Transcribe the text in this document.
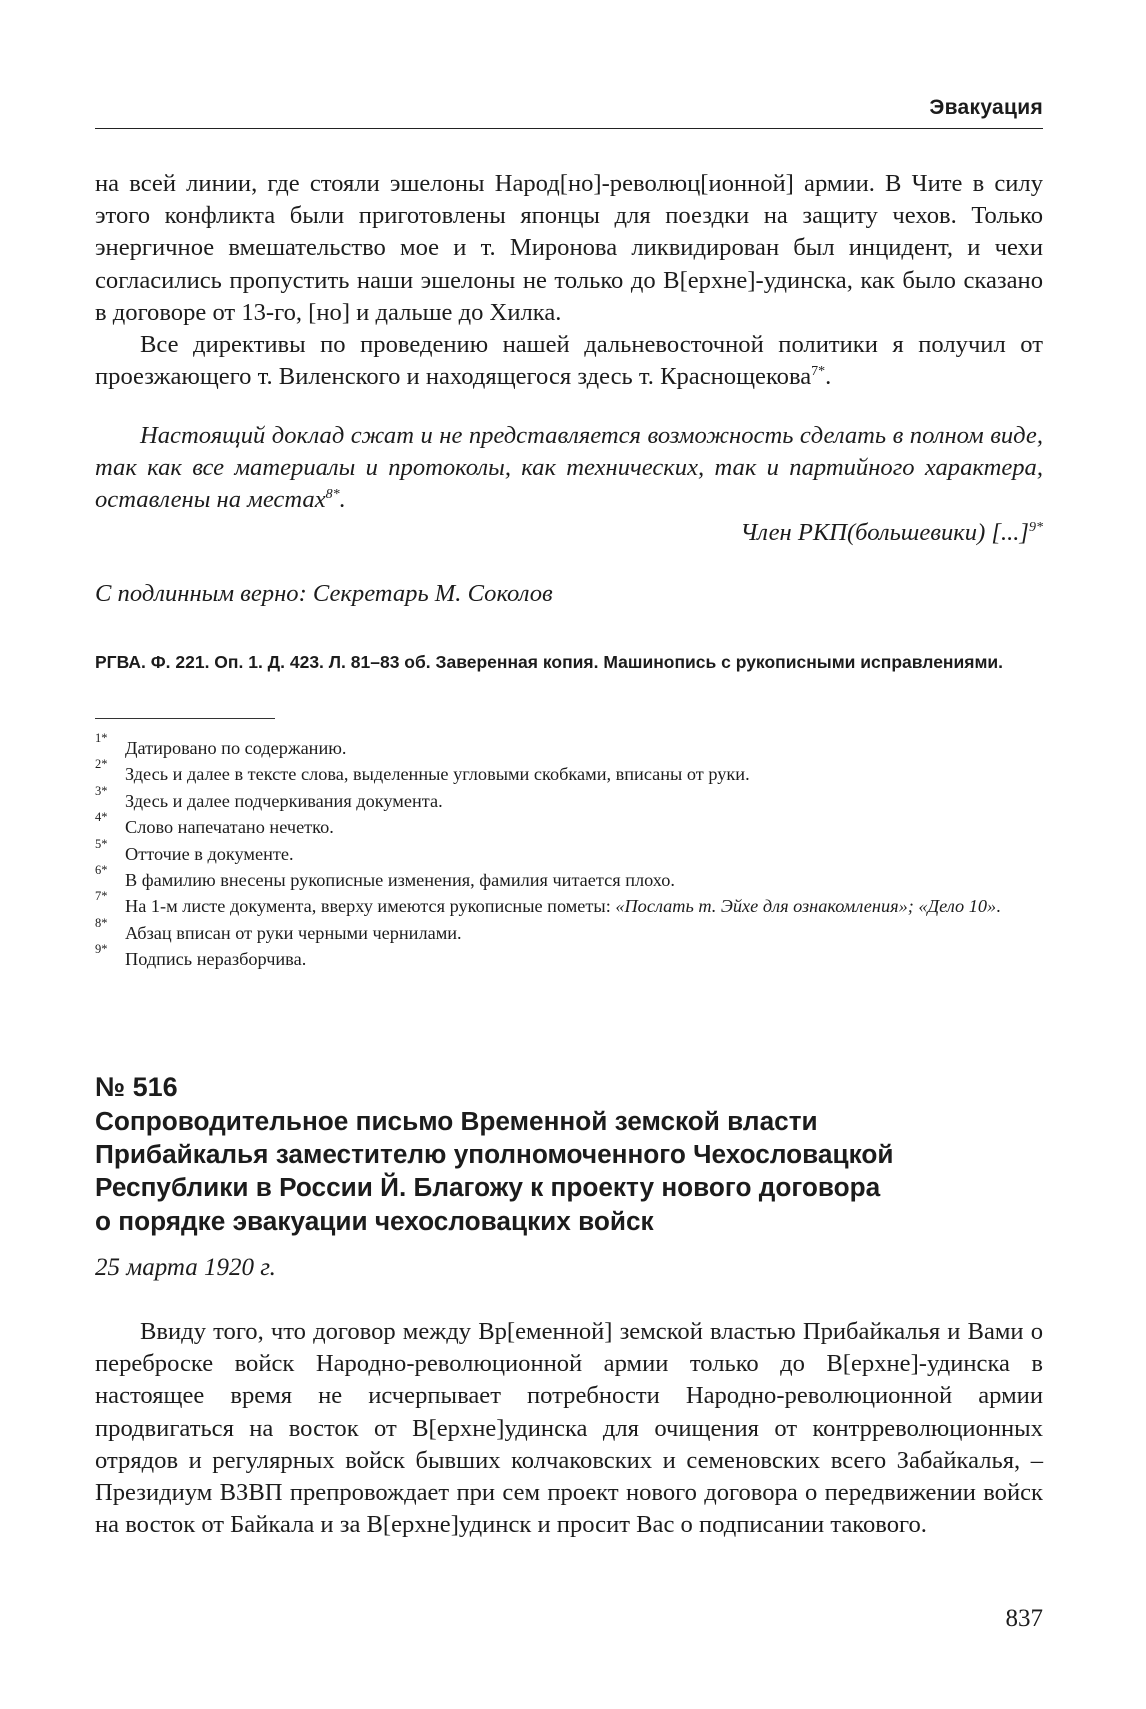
Эвакуация

на всей линии, где стояли эшелоны Народ[но]-революц[ионной] армии. В Чите в силу этого конфликта были приготовлены японцы для поездки на защиту чехов. Только энергичное вмешательство мое и т. Миронова ликвидирован был инцидент, и чехи согласились пропустить наши эшелоны не только до В[ерхне]-удинска, как было сказано в договоре от 13-го, [но] и дальше до Хилка.

Все директивы по проведению нашей дальневосточной политики я получил от проезжающего т. Виленского и находящегося здесь т. Краснощекова$^{7*}$.

Настоящий доклад сжат и не представляется возможность сделать в полном виде, так как все материалы и протоколы, как технических, так и партийного характера, оставлены на местах$^{8*}$.

Член РКП(большевики) [...]$^{9*}$
С подлинным верно: Секретарь М. Соколов
РГВА. Ф. 221. Оп. 1. Д. 423. Л. 81–83 об. Заверенная копия. Машинопись с рукописными исправлениями.

1* Датировано по содержанию.

2* Здесь и далее в тексте слова, выделенные угловыми скобками, вписаны от руки.

3* Здесь и далее подчеркивания документа.

4* Слово напечатано нечетко.

5* Отточие в документе.

6* В фамилию внесены рукописные изменения, фамилия читается плохо.

7* На 1-м листе документа, вверху имеются рукописные пометы: «Послать т. Эйхе для ознакомления»; «Дело 10».

8* Абзац вписан от руки черными чернилами.

9* Подпись неразборчива.

№ 516
Сопроводительное письмо Временной земской власти
Прибайкалья заместителю уполномоченного Чехословацкой
Республики в России Й. Благожу к проекту нового договора
о порядке эвакуации чехословацких войск
25 марта 1920 г.

Ввиду того, что договор между Вр[еменной] земской властью Прибайкалья и Вами о переброске войск Народно-революционной армии только до В[ерхне]-удинска в настоящее время не исчерпывает потребности Народно-революционной армии продвигаться на восток от В[ерхне]удинска для очищения от контрреволюционных отрядов и регулярных войск бывших колчаковских и семеновских всего Забайкалья, – Президиум ВЗВП препровождает при сем проект нового договора о передвижении войск на восток от Байкала и за В[ерхне]удинск и просит Вас о подписании такового.

837
